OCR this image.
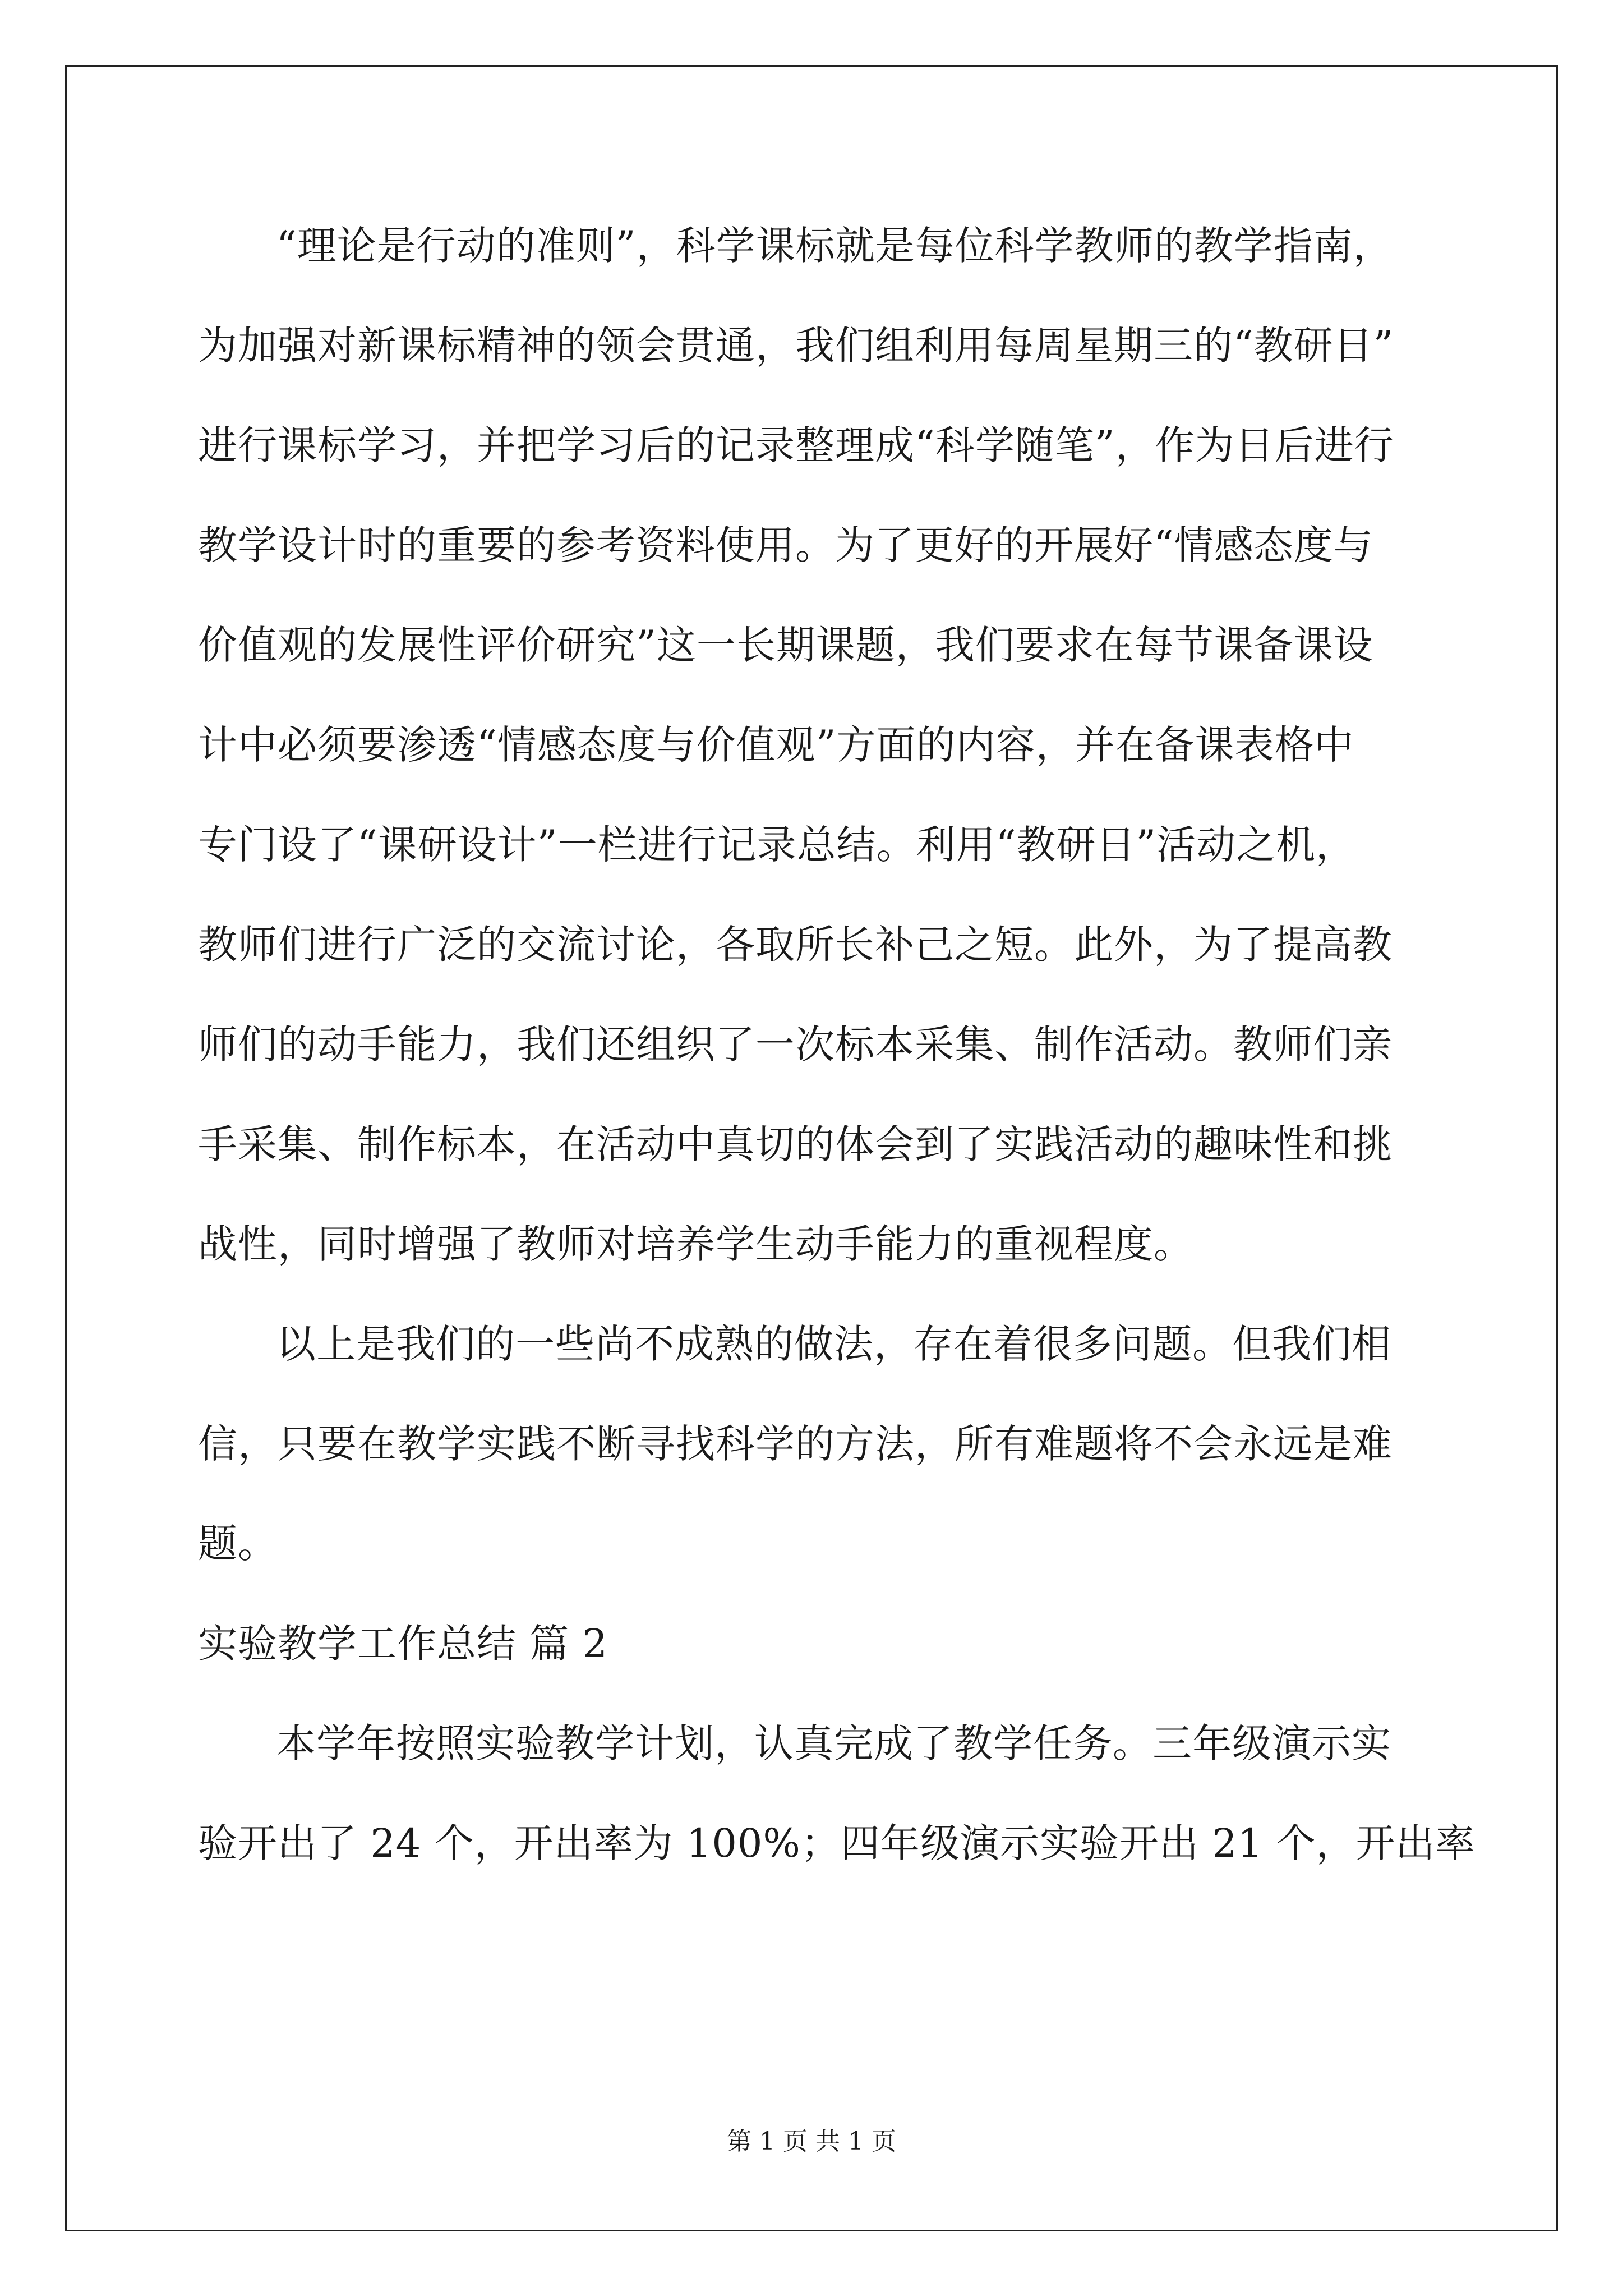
“理论是行动的准则”，科学课标就是每位科学教师的教学指南，
为加强对新课标精神的领会贯通，我们组利用每周星期三的“教研日”
进行课标学习，并把学习后的记录整理成“科学随笔”，作为日后进行
教学设计时的重要的参考资料使用。为了更好的开展好“情感态度与
价值观的发展性评价研究”这一长期课题，我们要求在每节课备课设
计中必须要渗透“情感态度与价值观”方面的内容，并在备课表格中
专门设了“课研设计”一栏进行记录总结。利用“教研日”活动之机，
教师们进行广泛的交流讨论，各取所长补己之短。此外，为了提高教
师们的动手能力，我们还组织了一次标本采集、制作活动。教师们亲
手采集、制作标本，在活动中真切的体会到了实践活动的趣味性和挑
战性，同时增强了教师对培养学生动手能力的重视程度。
以上是我们的一些尚不成熟的做法，存在着很多问题。但我们相
信，只要在教学实践不断寻找科学的方法，所有难题将不会永远是难
题。
实验教学工作总结 篇 2
本学年按照实验教学计划，认真完成了教学任务。三年级演示实
验开出了 24 个，开出率为 100%；四年级演示实验开出 21 个，开出率
第 1 页 共 1 页
